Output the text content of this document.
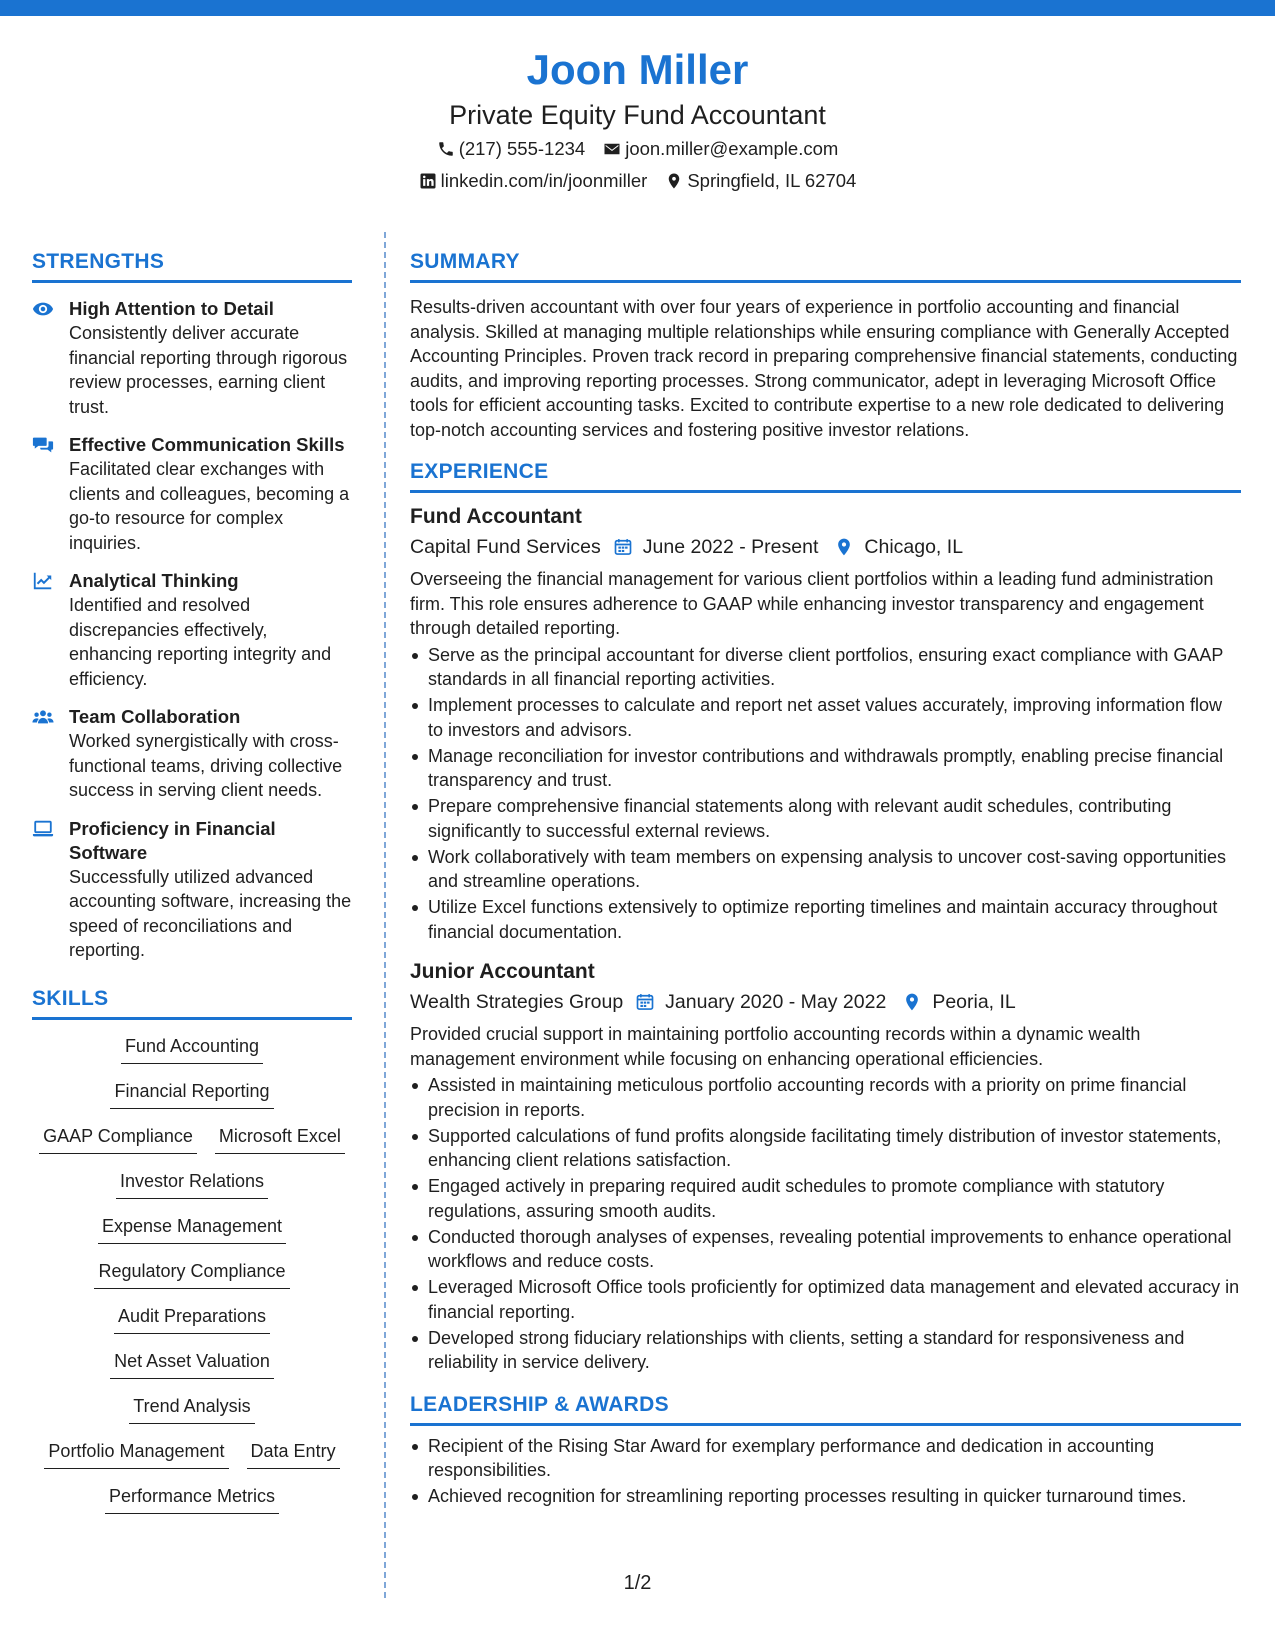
Joon Miller
Private Equity Fund Accountant
(217) 555-1234 joon.miller@example.com
linkedin.com/in/joonmiller Springfield, IL 62704
STRENGTHS
High Attention to Detail
Consistently deliver accurate financial reporting through rigorous review processes, earning client trust.
Effective Communication Skills
Facilitated clear exchanges with clients and colleagues, becoming a go-to resource for complex inquiries.
Analytical Thinking
Identified and resolved discrepancies effectively, enhancing reporting integrity and efficiency.
Team Collaboration
Worked synergistically with cross-functional teams, driving collective success in serving client needs.
Proficiency in Financial Software
Successfully utilized advanced accounting software, increasing the speed of reconciliations and reporting.
SKILLS
Fund Accounting
Financial Reporting
GAAP Compliance Microsoft Excel
Investor Relations
Expense Management
Regulatory Compliance
Audit Preparations
Net Asset Valuation
Trend Analysis
Portfolio Management Data Entry
Performance Metrics
SUMMARY
Results-driven accountant with over four years of experience in portfolio accounting and financial analysis. Skilled at managing multiple relationships while ensuring compliance with Generally Accepted Accounting Principles. Proven track record in preparing comprehensive financial statements, conducting audits, and improving reporting processes. Strong communicator, adept in leveraging Microsoft Office tools for efficient accounting tasks. Excited to contribute expertise to a new role dedicated to delivering top-notch accounting services and fostering positive investor relations.
EXPERIENCE
Fund Accountant
Capital Fund Services June 2022 - Present Chicago, IL
Overseeing the financial management for various client portfolios within a leading fund administration firm. This role ensures adherence to GAAP while enhancing investor transparency and engagement through detailed reporting.
Serve as the principal accountant for diverse client portfolios, ensuring exact compliance with GAAP standards in all financial reporting activities.
Implement processes to calculate and report net asset values accurately, improving information flow to investors and advisors.
Manage reconciliation for investor contributions and withdrawals promptly, enabling precise financial transparency and trust.
Prepare comprehensive financial statements along with relevant audit schedules, contributing significantly to successful external reviews.
Work collaboratively with team members on expensing analysis to uncover cost-saving opportunities and streamline operations.
Utilize Excel functions extensively to optimize reporting timelines and maintain accuracy throughout financial documentation.
Junior Accountant
Wealth Strategies Group January 2020 - May 2022 Peoria, IL
Provided crucial support in maintaining portfolio accounting records within a dynamic wealth management environment while focusing on enhancing operational efficiencies.
Assisted in maintaining meticulous portfolio accounting records with a priority on prime financial precision in reports.
Supported calculations of fund profits alongside facilitating timely distribution of investor statements, enhancing client relations satisfaction.
Engaged actively in preparing required audit schedules to promote compliance with statutory regulations, assuring smooth audits.
Conducted thorough analyses of expenses, revealing potential improvements to enhance operational workflows and reduce costs.
Leveraged Microsoft Office tools proficiently for optimized data management and elevated accuracy in financial reporting.
Developed strong fiduciary relationships with clients, setting a standard for responsiveness and reliability in service delivery.
LEADERSHIP & AWARDS
Recipient of the Rising Star Award for exemplary performance and dedication in accounting responsibilities.
Achieved recognition for streamlining reporting processes resulting in quicker turnaround times.
1/2
